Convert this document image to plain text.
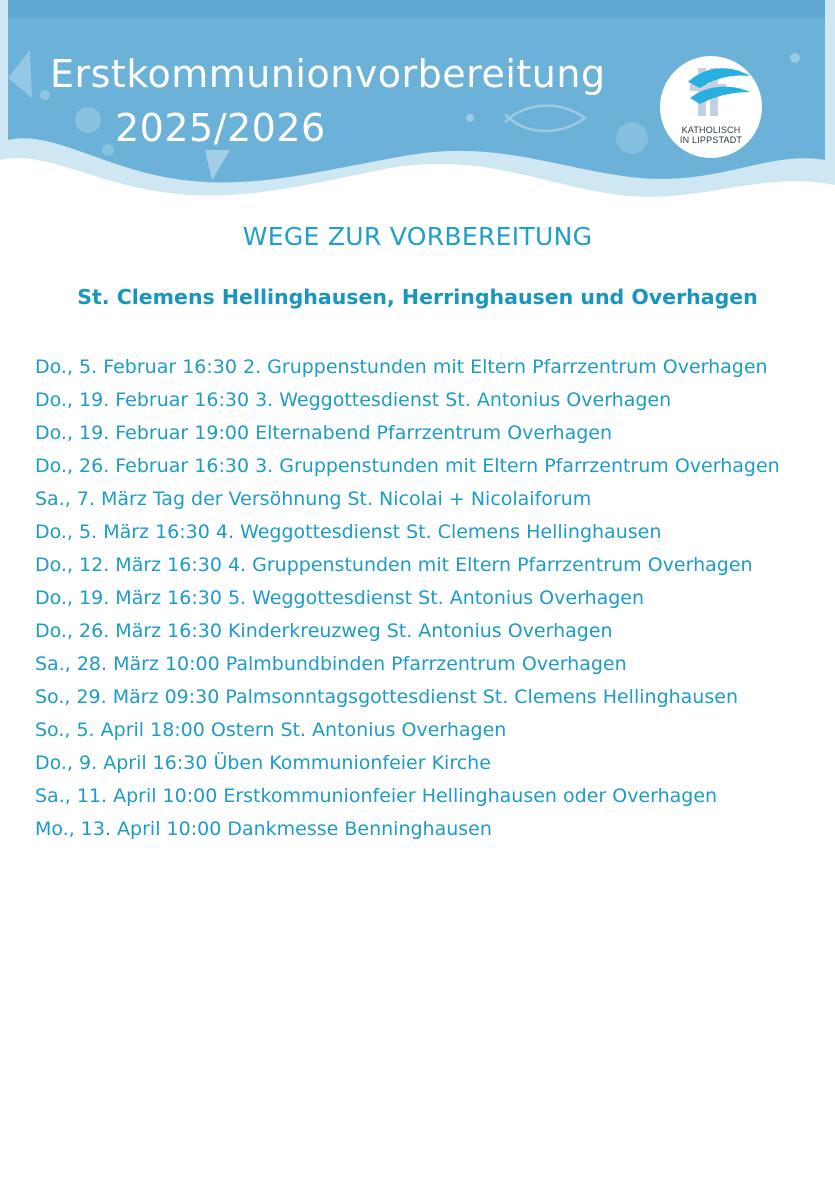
Erstkommunionvorbereitung
2025/2026	KATHOLISCH
IN LIPPSTADT
WEGE ZUR VORBEREITUNG
St. Clemens Hellinghausen, Herringhausen und Overhagen
Do., 5. Februar 16:30 2. Gruppenstunden mit Eltern Pfarrzentrum Overhagen
Do., 19. Februar 16:30 3. Weggottesdienst St. Antonius Overhagen
Do., 19. Februar 19:00 Elternabend Pfarrzentrum Overhagen
Do., 26. Februar 16:30 3. Gruppenstunden mit Eltern Pfarrzentrum Overhagen
Sa., 7. März Tag der Versöhnung St. Nicolai + Nicolaiforum
Do., 5. März 16:30 4. Weggottesdienst St. Clemens Hellinghausen
Do., 12. März 16:30 4. Gruppenstunden mit Eltern Pfarrzentrum Overhagen
Do., 19. März 16:30 5. Weggottesdienst St. Antonius Overhagen
Do., 26. März 16:30 Kinderkreuzweg St. Antonius Overhagen
Sa., 28. März 10:00 Palmbundbinden Pfarrzentrum Overhagen
So., 29. März 09:30 Palmsonntagsgottesdienst St. Clemens Hellinghausen
So., 5. April 18:00 Ostern St. Antonius Overhagen
Do., 9. April 16:30 Üben Kommunionfeier Kirche
Sa., 11. April 10:00 Erstkommunionfeier Hellinghausen oder Overhagen
Mo., 13. April 10:00 Dankmesse Benninghausen
